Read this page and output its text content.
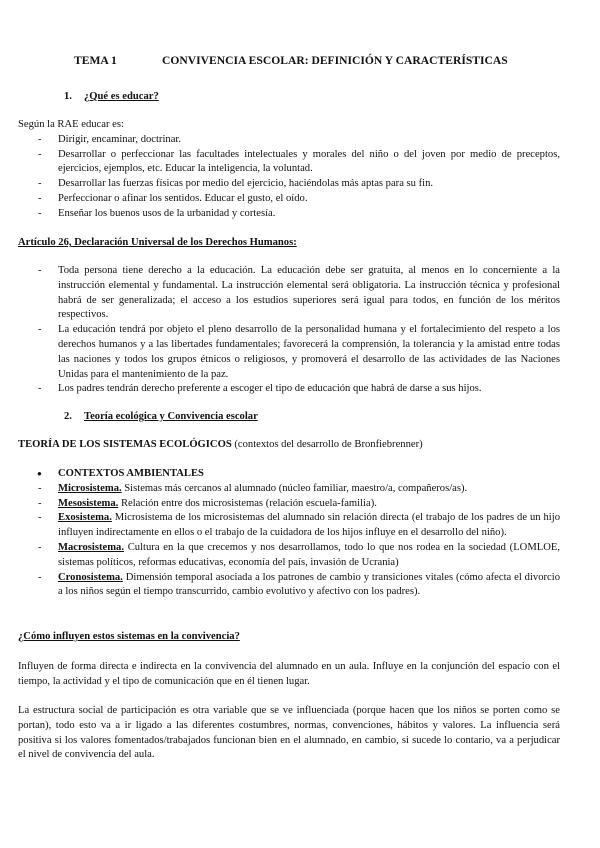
TEMA 1	CONVIVENCIA ESCOLAR: DEFINICIÓN Y CARACTERÍSTICAS
1. ¿Qué es educar?

Según la RAE educar es:

- Dirigir, encaminar, doctrinar.
- Desarrollar o perfeccionar las facultades intelectuales y morales del niño o del joven por medio de preceptos, ejercicios, ejemplos, etc. Educar la inteligencia, la voluntad.
- Desarrollar las fuerzas físicas por medio del ejercicio, haciéndolas más aptas para su fin.
- Perfeccionar o afinar los sentidos. Educar el gusto, el oído.
- Enseñar los buenos usos de la urbanidad y cortesía.
Artículo 26, Declaración Universal de los Derechos Humanos:
- Toda persona tiene derecho a la educación. La educación debe ser gratuita, al menos en lo concerniente a la instrucción elemental y fundamental. La instrucción elemental será obligatoria. La instrucción técnica y profesional habrá de ser generalizada; el acceso a los estudios superiores será igual para todos, en función de los méritos respectivos.
- La educación tendrá por objeto el pleno desarrollo de la personalidad humana y el fortalecimiento del respeto a los derechos humanos y a las libertades fundamentales; favorecerá la comprensión, la tolerancia y la amistad entre todas las naciones y todos los grupos étnicos o religiosos, y promoverá el desarrollo de las actividades de las Naciones Unidas para el mantenimiento de la paz.
- Los padres tendrán derecho preferente a escoger el tipo de educación que habrá de darse a sus hijos.
2. Teoría ecológica y Convivencia escolar
TEORÍA DE LOS SISTEMAS ECOLÓGICOS (contextos del desarrollo de Bronfiebrenner)
● CONTEXTOS AMBIENTALES
- Microsistema. Sistemas más cercanos al alumnado (núcleo familiar, maestro/a, compañeros/as).
- Mesosistema. Relación entre dos microsistemas (relación escuela-familia).
- Exosistema. Microsistema de los microsistemas del alumnado sin relación directa (el trabajo de los padres de un hijo influyen indirectamente en ellos o el trabajo de la cuidadora de los hijos influye en el desarrollo del niño).
- Macrosistema. Cultura en la que crecemos y nos desarrollamos, todo lo que nos rodea en la sociedad (LOMLOE, sistemas políticos, reformas educativas, economía del país, invasión de Ucrania)
- Cronosistema. Dimensión temporal asociada a los patrones de cambio y transiciones vitales (cómo afecta el divorcio a los niños según el tiempo transcurrido, cambio evolutivo y afectivo con los padres).
¿Cómo influyen estos sistemas en la convivencia?

Influyen de forma directa e indirecta en la convivencia del alumnado en un aula. Influye en la conjunción del espacio con el tiempo, la actividad y el tipo de comunicación que en él tienen lugar.

La estructura social de participación es otra variable que se ve influenciada (porque hacen que los niños se porten como se portan), todo esto va a ir ligado a las diferentes costumbres, normas, convenciones, hábitos y valores. La influencia será positiva si los valores fomentados/trabajados funcionan bien en el alumnado, en cambio, si sucede lo contario, va a perjudicar el nivel de convivencia del aula.
